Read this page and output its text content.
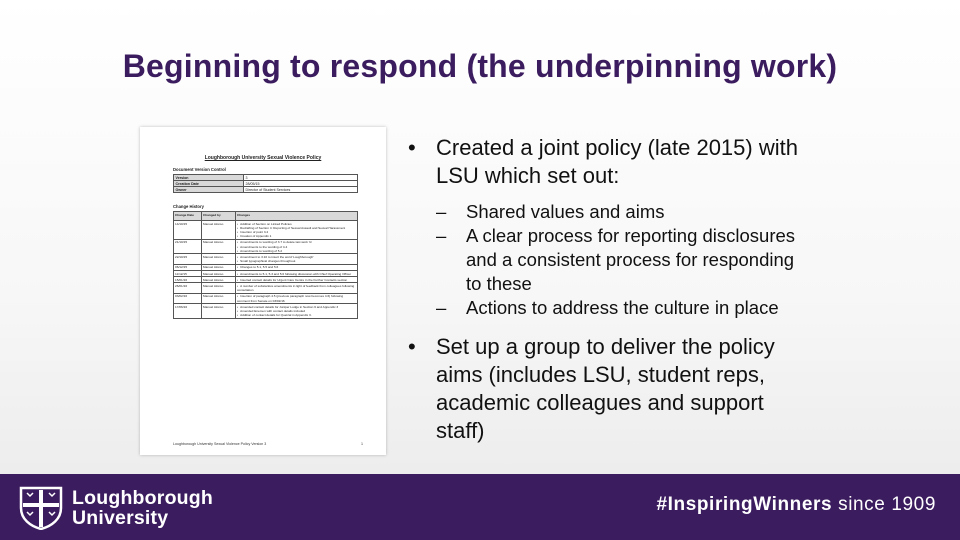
Beginning to respond (the underpinning work)
Loughborough University Sexual Violence Policy
Document Version Control
Version	3
Creation Date	28/05/15
Owner	Director of Student Services
Change History
Change Date	Changed by	Changes
14/10/15	Manuel Alonso	• Addition of Section on Linked Policies
• Redrafting of Section 4: Reporting of Sexual Assault and Sexual Harassment
• Insertion of point 3.4
• Creation of Appendix 1

21/10/15	Manuel Alonso	• Amendments to wording of 3.7 to delete last work 'is'
• Amendments to the wording of 4.4
• Amendments to wording of 5.2

22/10/15	Manuel Alonso	• Amendment to 3.10 to insert the word 'Loughborough'
• Small typographical changes throughout

06/12/15	Manuel Alonso	• Changes to 5.1, 5.5 and 5.6

11/12/15	Manuel Alonso	• Amendments to 5.1, 5.3 and 5.6 following discussion with Chief Operating Officer

15/01/16	Manuel Alonso	• Inserted contact details for Urgent Care Centre in the Further Contacts section

26/01/16	Manuel Alonso	• A number of substantive amendments in light of feedback from colleagues following consultation

03/02/16	Manuel Alonso	• Insertion of paragraph 4.5 (previous paragraph now becomes 4.6) following comment from Senate on 03/02/16

17/06/16	Manuel Alonso	• Amended contact details for Juniper Lodge in Section 6 and Appendix 3
• Amended Enemen with contact details included
• Addition of contact details for Quetzal in Appendix 3.
Loughborough University Sexual Violence Policy Version 3	1
• Created a joint policy (late 2015) with LSU which set out:
– Shared values and aims
– A clear process for reporting disclosures and a consistent process for responding to these
– Actions to address the culture in place
• Set up a group to deliver the policy aims (includes LSU, student reps, academic colleagues and support staff)
Loughborough
University
#InspiringWinners since 1909
